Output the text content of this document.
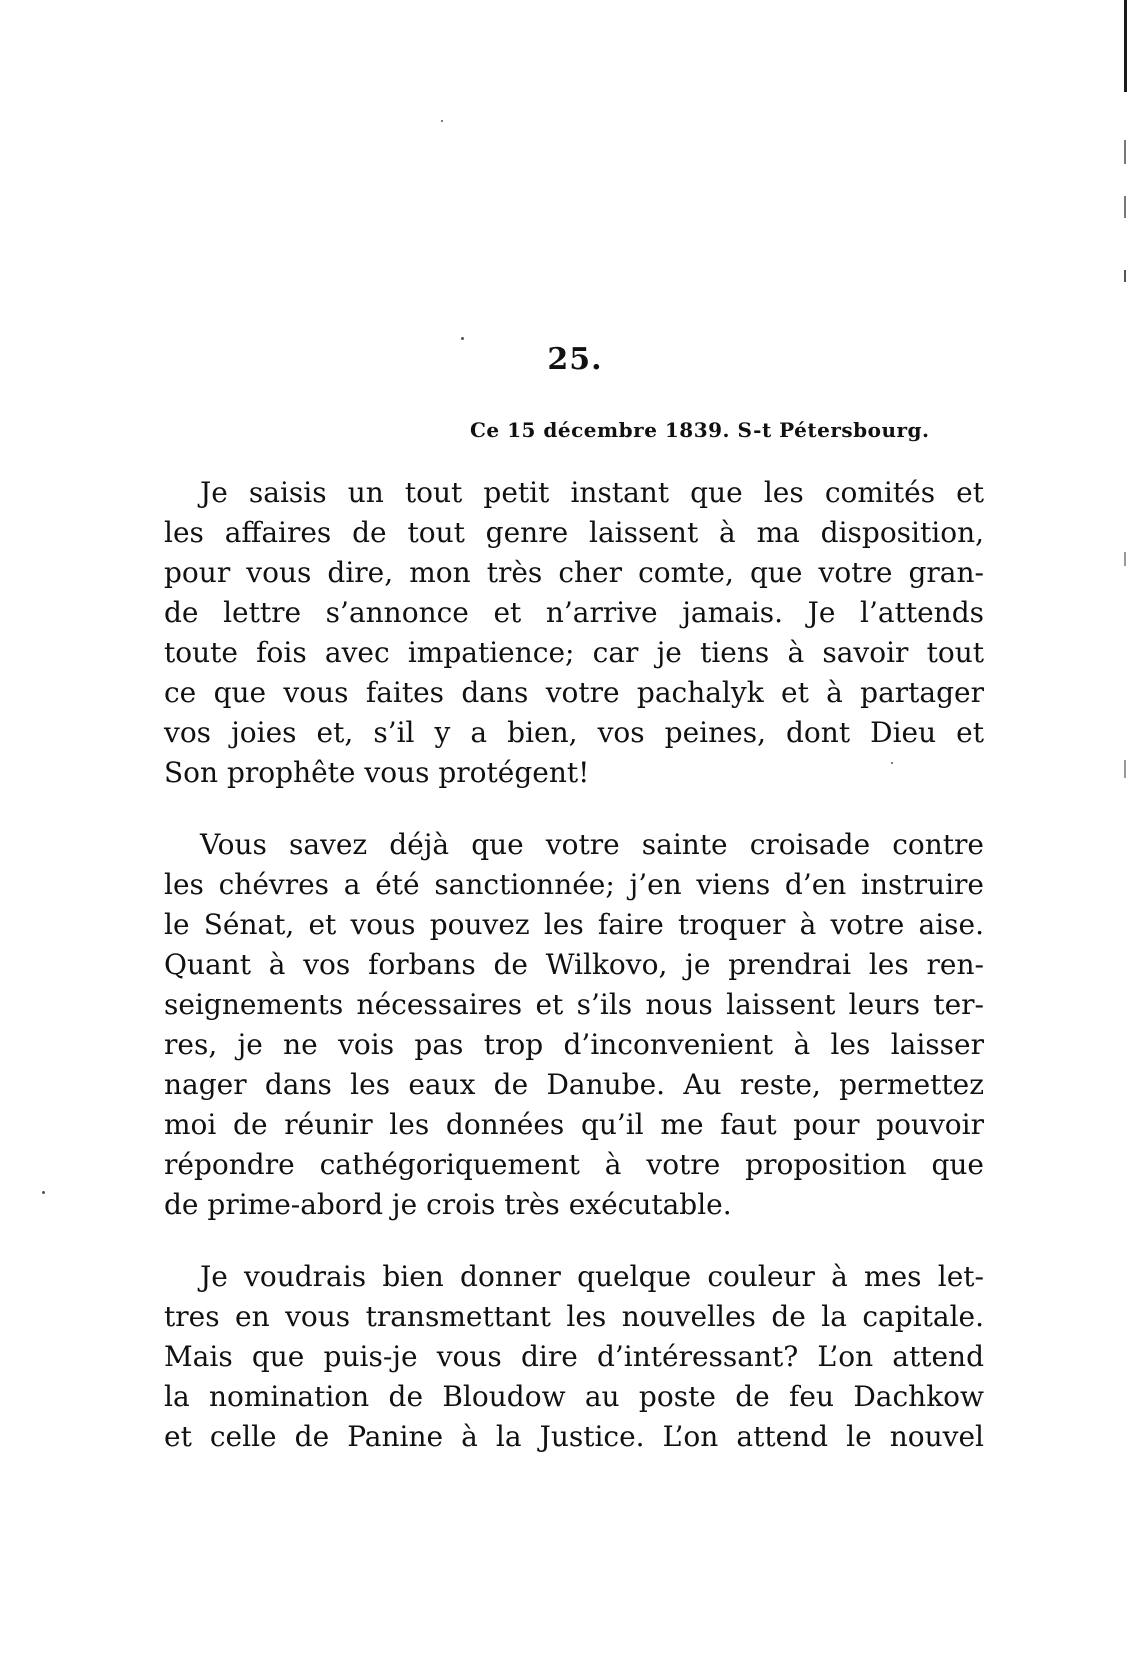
25.
Ce 15 décembre 1839. S-t Pétersbourg.
Je saisis un tout petit instant que les comités et
les affaires de tout genre laissent à ma disposition,
pour vous dire, mon très cher comte, que votre gran-
de lettre s’annonce et n’arrive jamais. Je l’attends
toute fois avec impatience; car je tiens à savoir tout
ce que vous faites dans votre pachalyk et à partager
vos joies et, s’il y a bien, vos peines, dont Dieu et
Son prophête vous protégent!
Vous savez déjà que votre sainte croisade contre
les chévres a été sanctionnée; j’en viens d’en instruire
le Sénat, et vous pouvez les faire troquer à votre aise.
Quant à vos forbans de Wilkovo, je prendrai les ren-
seignements nécessaires et s’ils nous laissent leurs ter-
res, je ne vois pas trop d’inconvenient à les laisser
nager dans les eaux de Danube. Au reste, permettez
moi de réunir les données qu’il me faut pour pouvoir
répondre cathégoriquement à votre proposition que
de prime-abord je crois très exécutable.
Je voudrais bien donner quelque couleur à mes let-
tres en vous transmettant les nouvelles de la capitale.
Mais que puis-je vous dire d’intéressant? L’on attend
la nomination de Bloudow au poste de feu Dachkow
et celle de Panine à la Justice. L’on attend le nouvel
